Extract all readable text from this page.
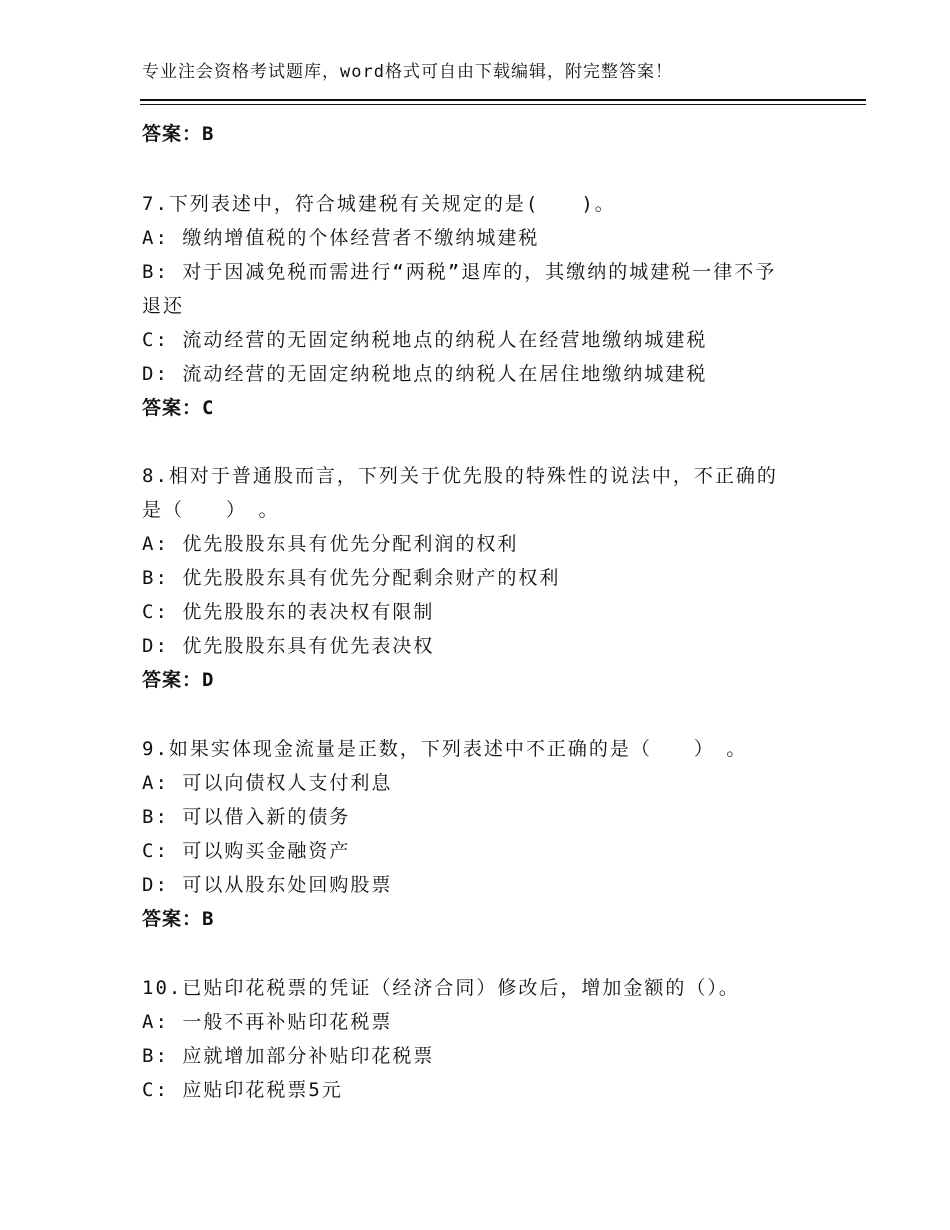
专业注会资格考试题库，word格式可自由下载编辑，附完整答案！
答案：B
7.下列表述中，符合城建税有关规定的是(　　)。
A: 缴纳增值税的个体经营者不缴纳城建税
B: 对于因减免税而需进行“两税”退库的，其缴纳的城建税一律不予
退还
C: 流动经营的无固定纳税地点的纳税人在经营地缴纳城建税
D: 流动经营的无固定纳税地点的纳税人在居住地缴纳城建税
答案：C
8.相对于普通股而言，下列关于优先股的特殊性的说法中，不正确的
是（　　）　。
A: 优先股股东具有优先分配利润的权利
B: 优先股股东具有优先分配剩余财产的权利
C: 优先股股东的表决权有限制
D: 优先股股东具有优先表决权
答案：D
9.如果实体现金流量是正数，下列表述中不正确的是（　　）　。
A: 可以向债权人支付利息
B: 可以借入新的债务
C: 可以购买金融资产
D: 可以从股东处回购股票
答案：B
10.已贴印花税票的凭证（经济合同）修改后，增加金额的（）。
A: 一般不再补贴印花税票
B: 应就增加部分补贴印花税票
C: 应贴印花税票5元
